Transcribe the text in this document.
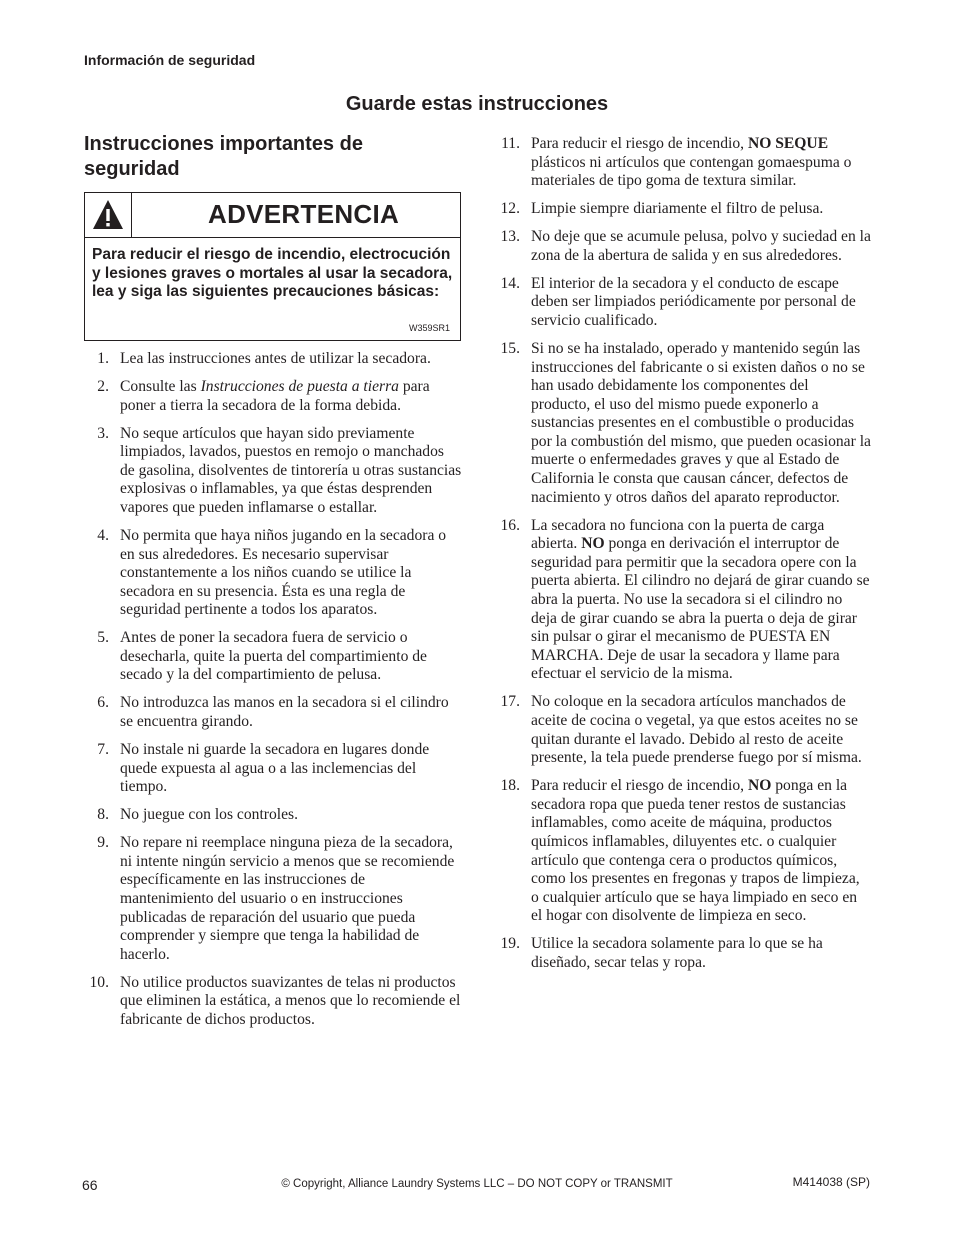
Información de seguridad
Guarde estas instrucciones
Instrucciones importantes de seguridad
ADVERTENCIA
Para reducir el riesgo de incendio, electrocución y lesiones graves o mortales al usar la secadora, lea y siga las siguientes precauciones básicas:
W359SR1
1 . Lea las instrucciones antes de utilizar la secadora.
2 . Consulte las Instrucciones de puesta a tierra para poner a tierra la secadora de la forma debida.
3 . No seque artículos que hayan sido previamente limpiados, lavados, puestos en remojo o manchados de gasolina, disolventes de tintorería u otras sustancias explosivas o inflamables, ya que éstas desprenden vapores que pueden inflamarse o estallar.
4 . No permita que haya niños jugando en la secadora o en sus alrededores. Es necesario supervisar constantemente a los niños cuando se utilice la secadora en su presencia. Ésta es una regla de seguridad pertinente a todos los aparatos.
5 . Antes de poner la secadora fuera de servicio o desecharla, quite la puerta del compartimiento de secado y la del compartimiento de pelusa.
6 . No introduzca las manos en la secadora si el cilindro se encuentra girando.
7 . No instale ni guarde la secadora en lugares donde quede expuesta al agua o a las inclemencias del tiempo.
8 . No juegue con los controles.
9 . No repare ni reemplace ninguna pieza de la secadora, ni intente ningún servicio a menos que se recomiende específicamente en las instrucciones de mantenimiento del usuario o en instrucciones publicadas de reparación del usuario que pueda comprender y siempre que tenga la habilidad de hacerlo.
10 . No utilice productos suavizantes de telas ni productos que eliminen la estática, a menos que lo recomiende el fabricante de dichos productos.
11 . Para reducir el riesgo de incendio, NO SEQUE plásticos ni artículos que contengan gomaespuma o materiales de tipo goma de textura similar.
12 . Limpie siempre diariamente el filtro de pelusa.
13 . No deje que se acumule pelusa, polvo y suciedad en la zona de la abertura de salida y en sus alrededores.
14 . El interior de la secadora y el conducto de escape deben ser limpiados periódicamente por personal de servicio cualificado.
15 . Si no se ha instalado, operado y mantenido según las instrucciones del fabricante o si existen daños o no se han usado debidamente los componentes del producto, el uso del mismo puede exponerlo a sustancias presentes en el combustible o producidas por la combustión del mismo, que pueden ocasionar la muerte o enfermedades graves y que al Estado de California le consta que causan cáncer, defectos de nacimiento y otros daños del aparato reproductor.
16 . La secadora no funciona con la puerta de carga abierta. NO ponga en derivación el interruptor de seguridad para permitir que la secadora opere con la puerta abierta. El cilindro no dejará de girar cuando se abra la puerta. No use la secadora si el cilindro no deja de girar cuando se abra la puerta o deja de girar sin pulsar o girar el mecanismo de PUESTA EN MARCHA. Deje de usar la secadora y llame para efectuar el servicio de la misma.
17 . No coloque en la secadora artículos manchados de aceite de cocina o vegetal, ya que estos aceites no se quitan durante el lavado. Debido al resto de aceite presente, la tela puede prenderse fuego por sí misma.
18 . Para reducir el riesgo de incendio, NO ponga en la secadora ropa que pueda tener restos de sustancias inflamables, como aceite de máquina, productos químicos inflamables, diluyentes etc. o cualquier artículo que contenga cera o productos químicos, como los presentes en fregonas y trapos de limpieza, o cualquier artículo que se haya limpiado en seco en el hogar con disolvente de limpieza en seco.
19 . Utilice la secadora solamente para lo que se ha diseñado, secar telas y ropa.
66	© Copyright, Alliance Laundry Systems LLC – DO NOT COPY or TRANSMIT	M414038 (SP)
